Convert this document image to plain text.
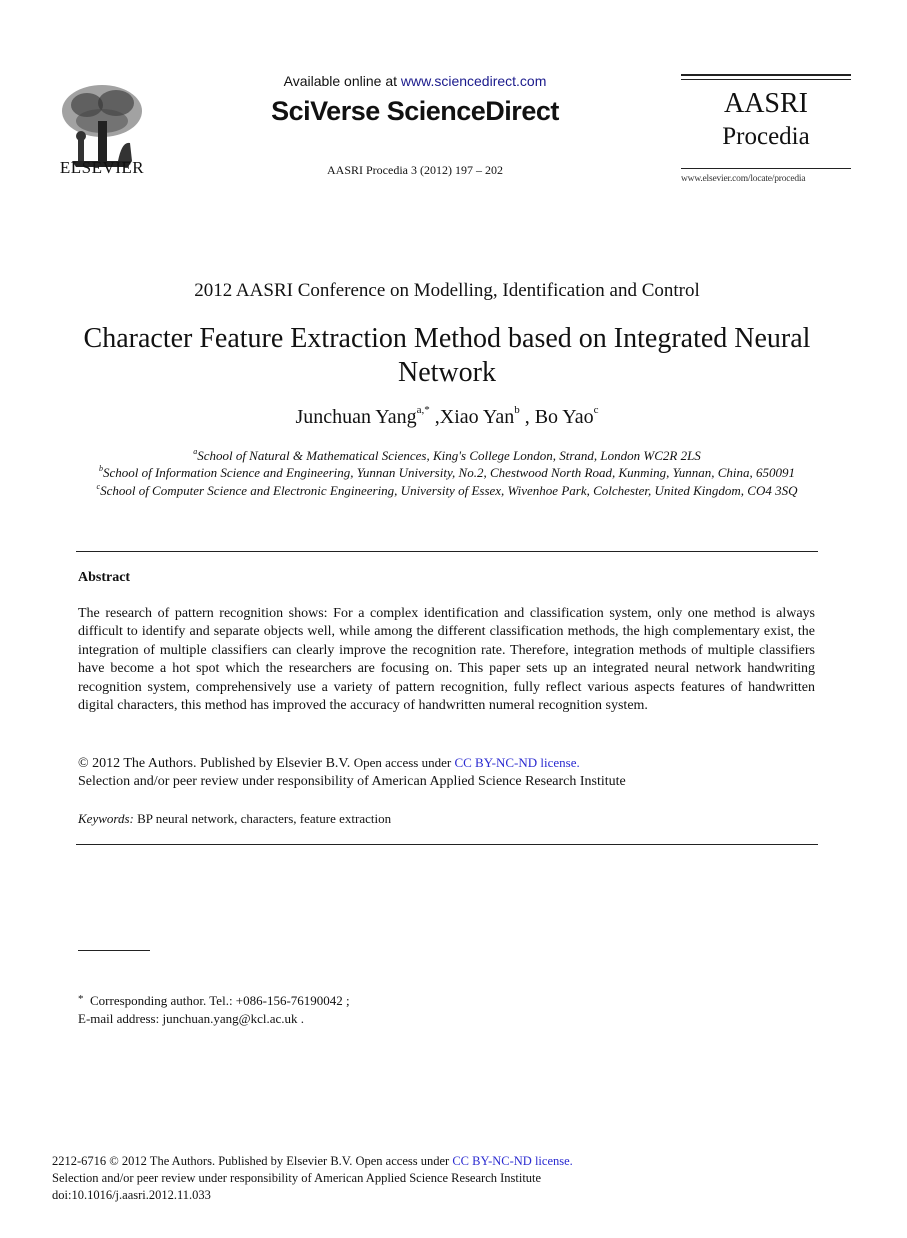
ELSEVIER
Available online at www.sciencedirect.com
SciVerse ScienceDirect
AASRI Procedia 3 (2012) 197 – 202
AASRI
Procedia
www.elsevier.com/locate/procedia
2012 AASRI Conference on Modelling, Identification and Control
Character Feature Extraction Method based on Integrated Neural
Network
Junchuan Yang$^{a,*}$ ,Xiao Yan$^b$ , Bo Yao$^c$
$^a$School of Natural & Mathematical Sciences, King's College London, Strand, London WC2R 2LS
$^b$School of Information Science and Engineering, Yunnan University, No.2, Chestwood North Road, Kunming, Yunnan, China, 650091
$^c$School of Computer Science and Electronic Engineering, University of Essex, Wivenhoe Park, Colchester, United Kingdom, CO4 3SQ
Abstract
The research of pattern recognition shows: For a complex identification and classification system, only one method is always difficult to identify and separate objects well, while among the different classification methods, the high complementary exist, the integration of multiple classifiers can clearly improve the recognition rate. Therefore, integration methods of multiple classifiers have become a hot spot which the researchers are focusing on. This paper sets up an integrated neural network handwriting recognition system, comprehensively use a variety of pattern recognition, fully reflect various aspects features of handwritten digital characters, this method has improved the accuracy of handwritten numeral recognition system.
© 2012 The Authors. Published by Elsevier B.V. Open access under CC BY-NC-ND license.
Selection and/or peer review under responsibility of American Applied Science Research Institute
Keywords: BP neural network, characters, feature extraction
*  Corresponding author. Tel.: +086-156-76190042 ;
E-mail address: junchuan.yang@kcl.ac.uk .
2212-6716 © 2012 The Authors. Published by Elsevier B.V. Open access under CC BY-NC-ND license.
Selection and/or peer review under responsibility of American Applied Science Research Institute
doi:10.1016/j.aasri.2012.11.033
